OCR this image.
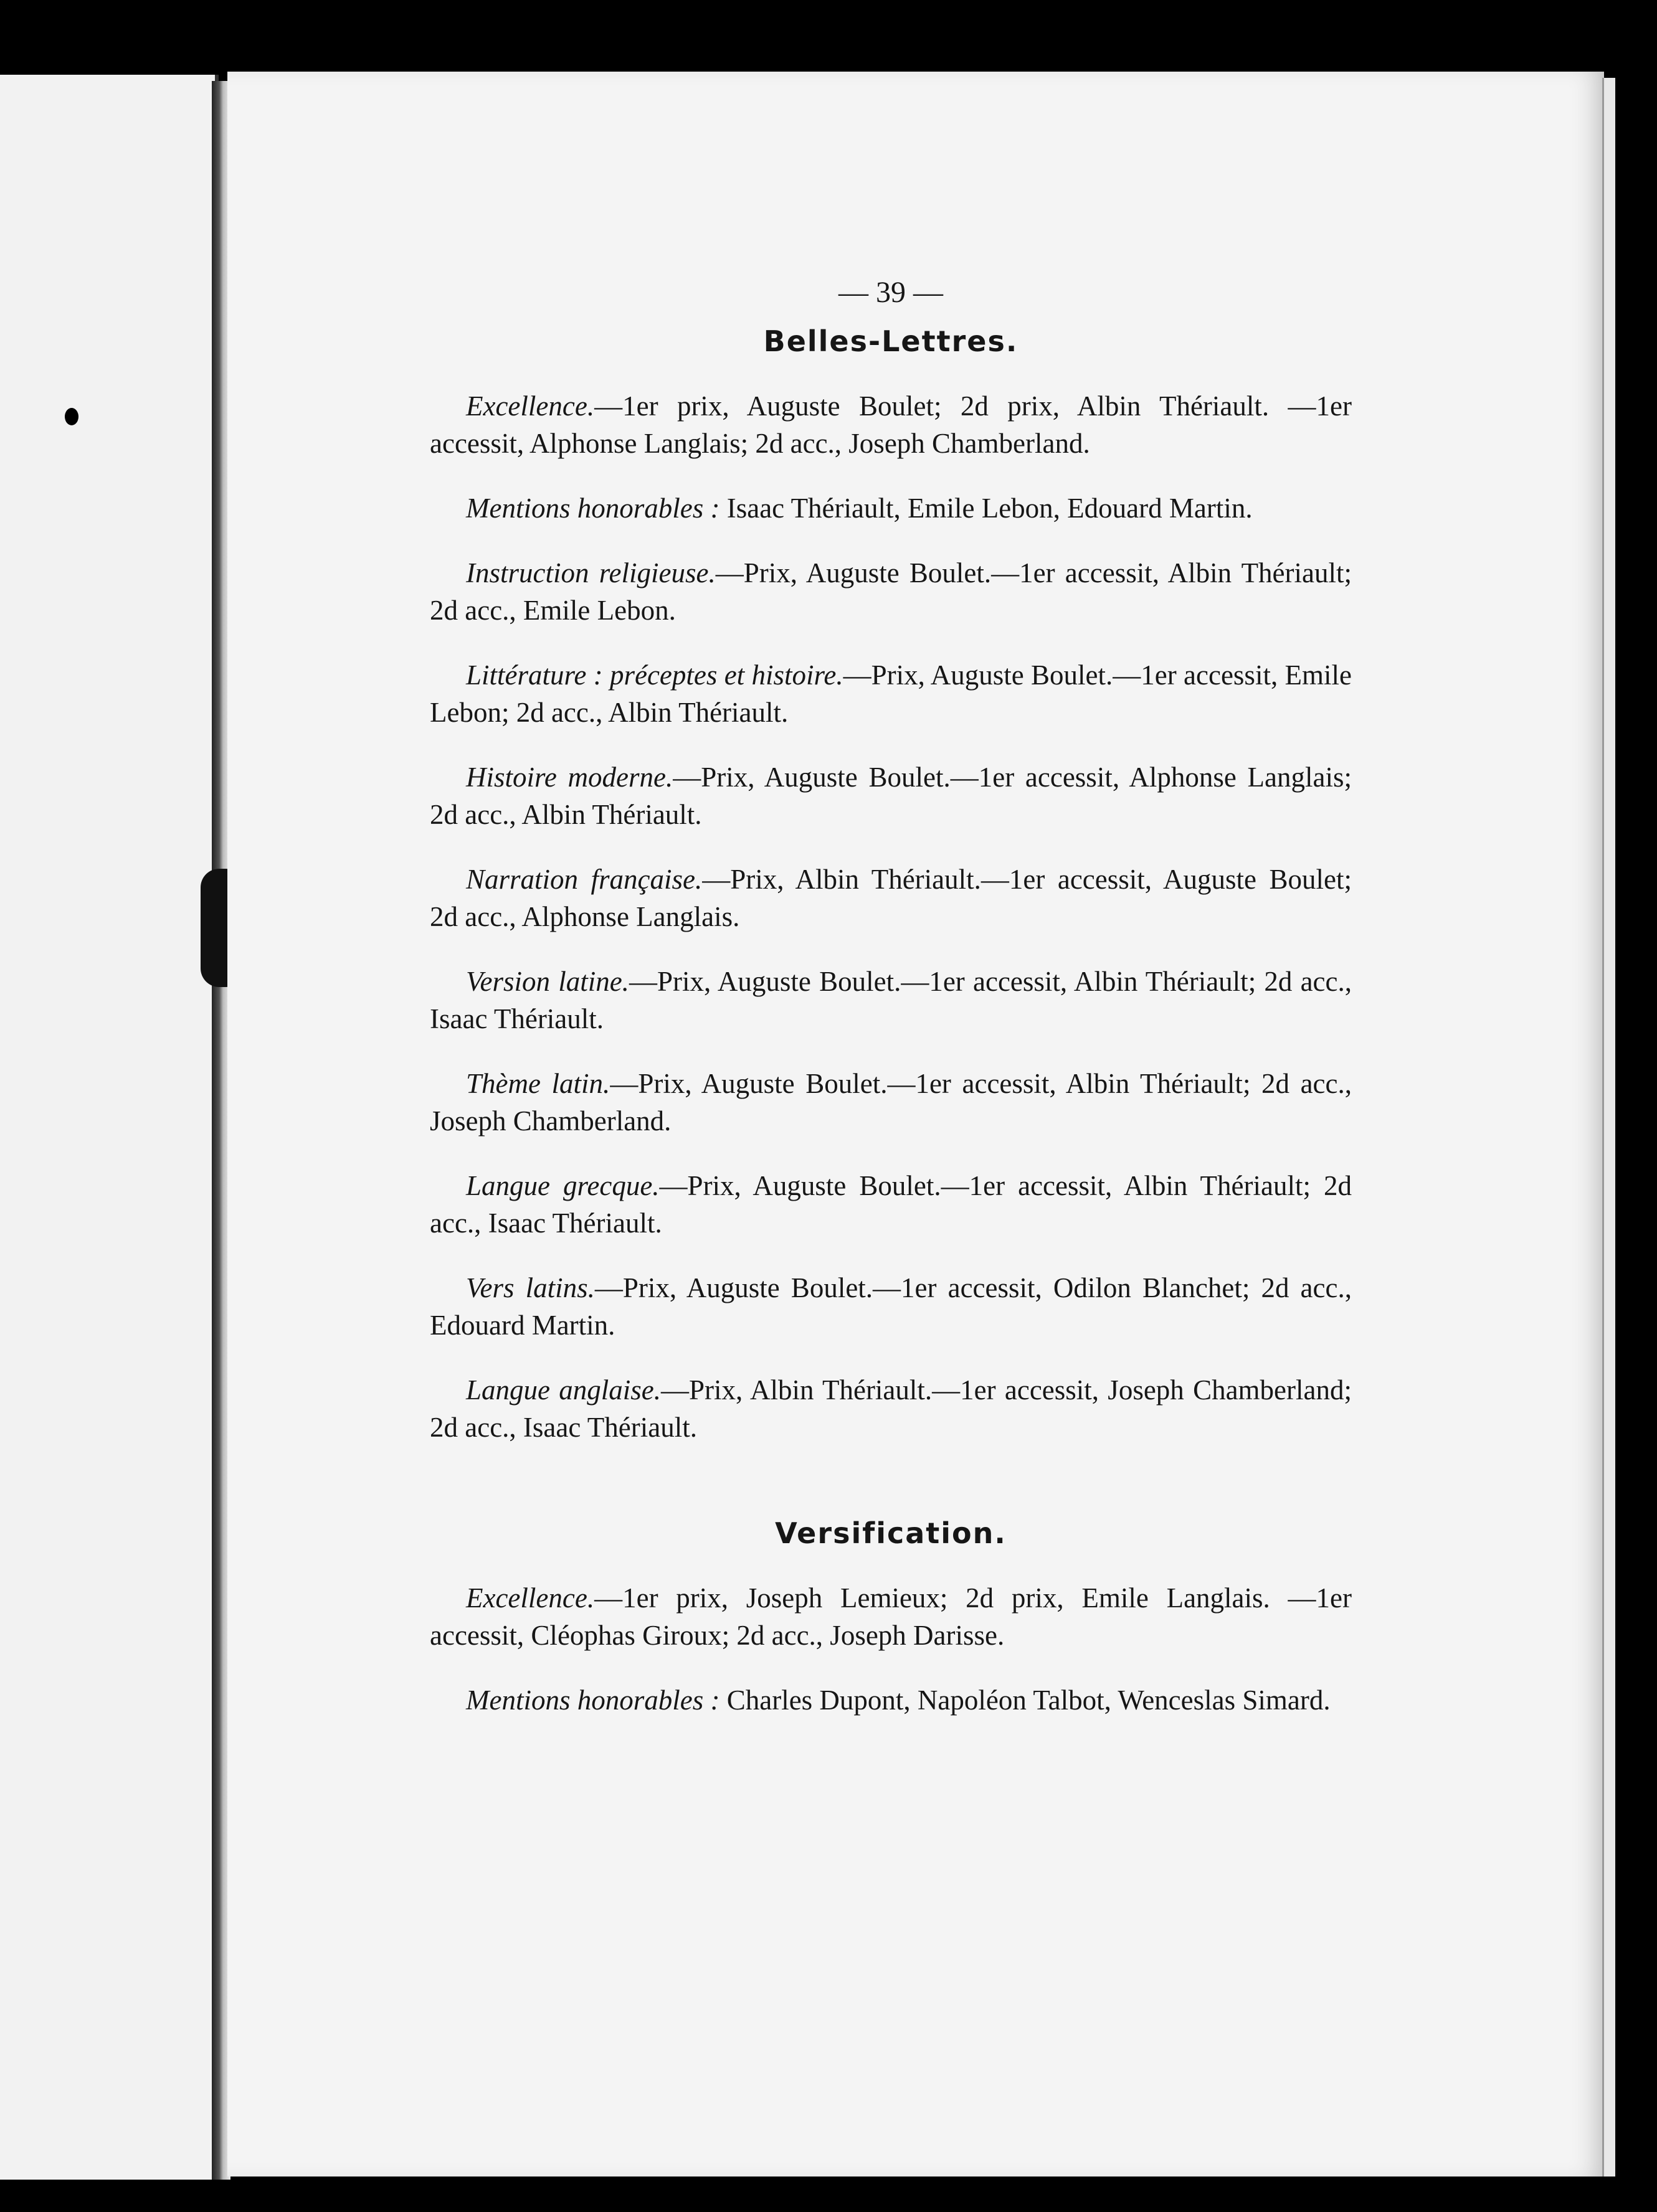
— 39 —
Belles-Lettres.

Excellence.—1er prix, Auguste Boulet; 2d prix, Albin Thériault. —1er accessit, Alphonse Langlais; 2d acc., Joseph Chamberland.

Mentions honorables : Isaac Thériault, Emile Lebon, Edouard Martin.

Instruction religieuse.—Prix, Auguste Boulet.—1er accessit, Albin Thériault; 2d acc., Emile Lebon.

Littérature : préceptes et histoire.—Prix, Auguste Boulet.—1er accessit, Emile Lebon; 2d acc., Albin Thériault.

Histoire moderne.—Prix, Auguste Boulet.—1er accessit, Alphonse Langlais; 2d acc., Albin Thériault.

Narration française.—Prix, Albin Thériault.—1er accessit, Auguste Boulet; 2d acc., Alphonse Langlais.

Version latine.—Prix, Auguste Boulet.—1er accessit, Albin Thériault; 2d acc., Isaac Thériault.

Thème latin.—Prix, Auguste Boulet.—1er accessit, Albin Thériault; 2d acc., Joseph Chamberland.

Langue grecque.—Prix, Auguste Boulet.—1er accessit, Albin Thériault; 2d acc., Isaac Thériault.

Vers latins.—Prix, Auguste Boulet.—1er accessit, Odilon Blanchet; 2d acc., Edouard Martin.

Langue anglaise.—Prix, Albin Thériault.—1er accessit, Joseph Chamberland; 2d acc., Isaac Thériault.

Versification.

Excellence.—1er prix, Joseph Lemieux; 2d prix, Emile Langlais. —1er accessit, Cléophas Giroux; 2d acc., Joseph Darisse.

Mentions honorables : Charles Dupont, Napoléon Talbot, Wenceslas Simard.
